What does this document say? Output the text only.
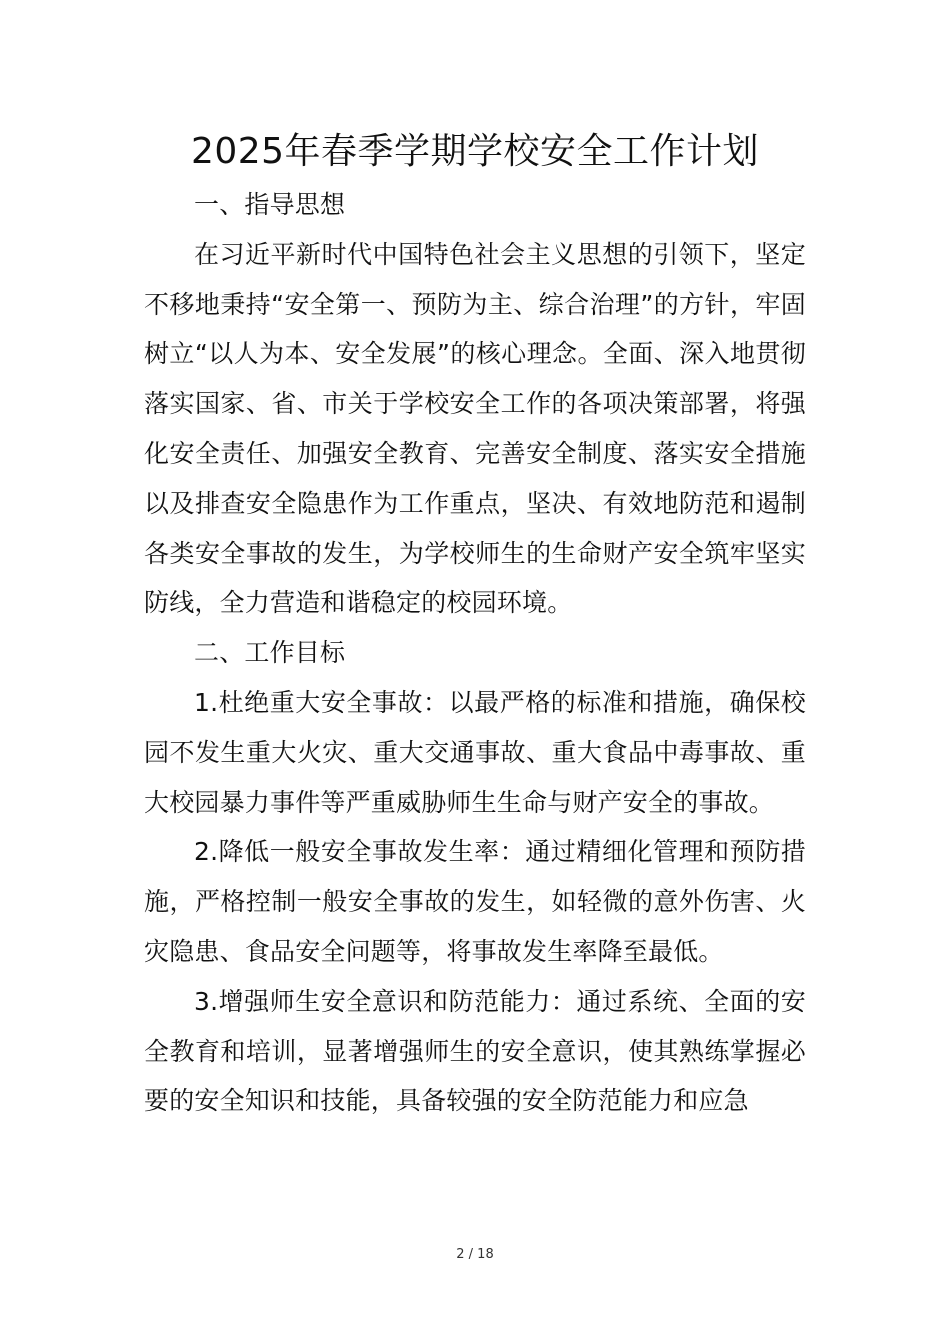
2025年春季学期学校安全工作计划

一、指导思想

在习近平新时代中国特色社会主义思想的引领下，坚定不移地秉持“安全第一、预防为主、综合治理”的方针，牢固树立“以人为本、安全发展”的核心理念。全面、深入地贯彻落实国家、省、市关于学校安全工作的各项决策部署，将强化安全责任、加强安全教育、完善安全制度、落实安全措施以及排查安全隐患作为工作重点，坚决、有效地防范和遏制各类安全事故的发生，为学校师生的生命财产安全筑牢坚实防线，全力营造和谐稳定的校园环境。

二、工作目标

1.杜绝重大安全事故：以最严格的标准和措施，确保校园不发生重大火灾、重大交通事故、重大食品中毒事故、重大校园暴力事件等严重威胁师生生命与财产安全的事故。

2.降低一般安全事故发生率：通过精细化管理和预防措施，严格控制一般安全事故的发生，如轻微的意外伤害、火灾隐患、食品安全问题等，将事故发生率降至最低。

3.增强师生安全意识和防范能力：通过系统、全面的安全教育和培训，显著增强师生的安全意识，使其熟练掌握必要的安全知识和技能，具备较强的安全防范能力和应急

2 / 18
